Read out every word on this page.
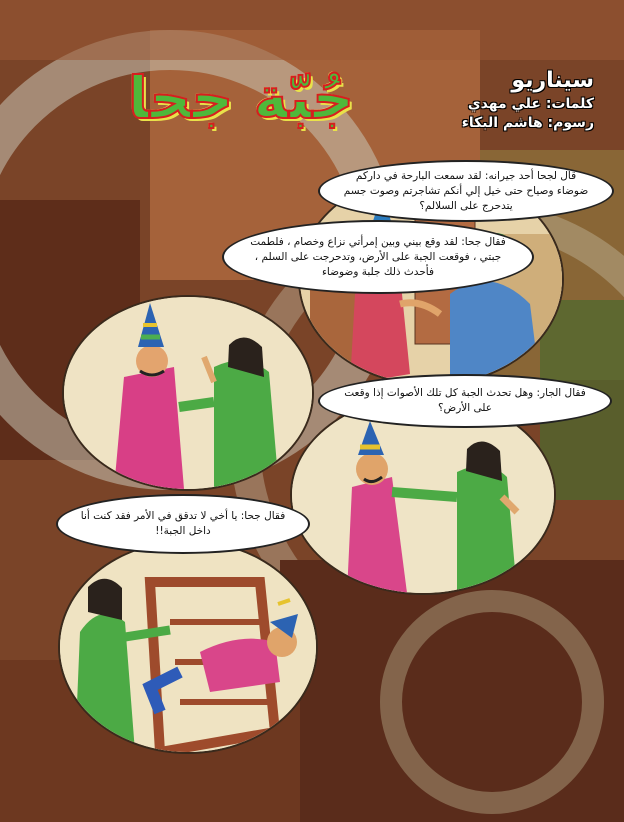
جُبّة جحا	سيناريو
كلمات: علي مهدي
رسوم: هاشم البكاء
قال لجحا أحد جيرانه: لقد سمعت البارحة في داركم ضوضاء وصياح حتى خيل إلي أنكم تشاجرتم وصوت جسم يتدحرج على السلالم؟
فقال جحا: لقد وقع بيني وبين إمرأتي نزاع وخصام ، فلطمت جبتي ، فوقعت الجبة على الأرض، وتدحرجت على السلم ، فأحدث ذلك جلبة وضوضاء
فقال الجار: وهل تحدث الجبة كل تلك الأصوات إذا وقعت على الأرض؟
فقال جحا: يا أخي لا تدقق في الأمر فقد كنت أنا داخل الجبة!!
